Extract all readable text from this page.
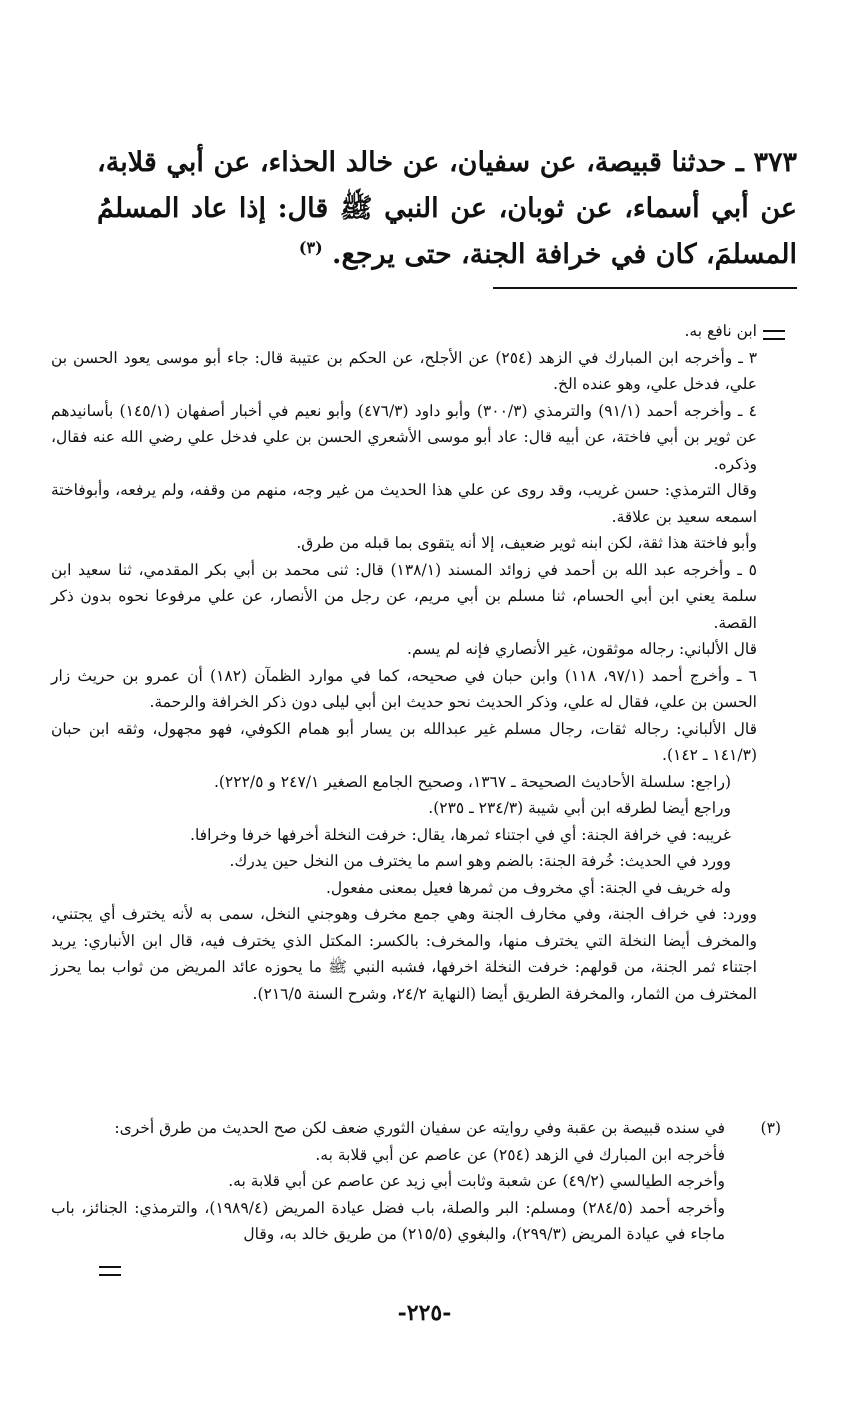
٣٧٣ ـ حدثنا قبيصة، عن سفيان، عن خالد الحذاء، عن أبي قلابة، عن أبي أسماء، عن ثوبان، عن النبي ﷺ قال: إذا عاد المسلمُ المسلمَ، كان في خرافة الجنة، حتى يرجع. $^{(٣)}$

ابن نافع به.

٣ ـ وأخرجه ابن المبارك في الزهد (٢٥٤) عن الأجلح، عن الحكم بن عتيبة قال: جاء أبو موسى يعود الحسن بن علي، فدخل علي، وهو عنده الخ.

٤ ـ وأخرجه أحمد (٩١/١) والترمذي (٣٠٠/٣) وأبو داود (٤٧٦/٣) وأبو نعيم في أخبار أصفهان (١٤٥/١) بأسانيدهم عن ثوير بن أبي فاختة، عن أبيه قال: عاد أبو موسى الأشعري الحسن بن علي فدخل علي رضي الله عنه فقال، وذكره.

وقال الترمذي: حسن غريب، وقد روى عن علي هذا الحديث من غير وجه، منهم من وقفه، ولم يرفعه، وأبوفاختة اسمعه سعيد بن علاقة.

وأبو فاختة هذا ثقة، لكن ابنه ثوير ضعيف، إلا أنه يتقوى بما قبله من طرق.

٥ ـ وأخرجه عبد الله بن أحمد في زوائد المسند (١٣٨/١) قال: ثنى محمد بن أبي بكر المقدمي، ثنا سعيد ابن سلمة يعني ابن أبي الحسام، ثنا مسلم بن أبي مريم، عن رجل من الأنصار، عن علي مرفوعا نحوه بدون ذكر القصة.

قال الألباني: رجاله موثقون، غير الأنصاري فإنه لم يسم.

٦ ـ وأخرج أحمد (٩٧/١، ١١٨) وابن حبان في صحيحه، كما في موارد الظمآن (١٨٢) أن عمرو بن حريث زار الحسن بن علي، فقال له علي، وذكر الحديث نحو حديث ابن أبي ليلى دون ذكر الخرافة والرحمة.

قال الألباني: رجاله ثقات، رجال مسلم غير عبدالله بن يسار أبو همام الكوفي، فهو مجهول، وثقه ابن حبان (١٤١/٣ ـ ١٤٢).

(راجع: سلسلة الأحاديث الصحيحة ـ ١٣٦٧، وصحيح الجامع الصغير ٢٤٧/١ و ٢٢٢/٥).

وراجع أيضا لطرقه ابن أبي شيبة (٢٣٤/٣ ـ ٢٣٥).

غريبه: في خرافة الجنة: أي في اجتناء ثمرها، يقال: خرفت النخلة أخرفها خرفا وخرافا.

وورد في الحديث: خُرفة الجنة: بالضم وهو اسم ما يخترف من النخل حين يدرك.

وله خريف في الجنة: أي مخروف من ثمرها فعيل بمعنى مفعول.

وورد: في خراف الجنة، وفي مخارف الجنة وهي جمع مخرف وهوجني النخل، سمى به لأنه يخترف أي يجتني، والمخرف أيضا النخلة التي يخترف منها، والمخرف: بالكسر: المكتل الذي يخترف فيه، قال ابن الأنباري: يريد اجتناء ثمر الجنة، من قولهم: خرفت النخلة اخرفها، فشبه النبي ﷺ ما يحوزه عائد المريض من ثواب بما يحرز المخترف من الثمار، والمخرفة الطريق أيضا (النهاية ٢٤/٢، وشرح السنة ٢١٦/٥).

(٣)

في سنده قبيصة بن عقبة وفي روايته عن سفيان الثوري ضعف لكن صح الحديث من طرق أخرى:

فأخرجه ابن المبارك في الزهد (٢٥٤) عن عاصم عن أبي قلابة به.

وأخرجه الطيالسي (٤٩/٢) عن شعبة وثابت أبي زيد عن عاصم عن أبي قلابة به.

وأخرجه أحمد (٢٨٤/٥) ومسلم: البر والصلة، باب فضل عيادة المريض (١٩٨٩/٤)، والترمذي: الجنائز، باب ماجاء في عيادة المريض (٢٩٩/٣)، والبغوي (٢١٥/٥) من طريق خالد به، وقال

-٢٢٥-
